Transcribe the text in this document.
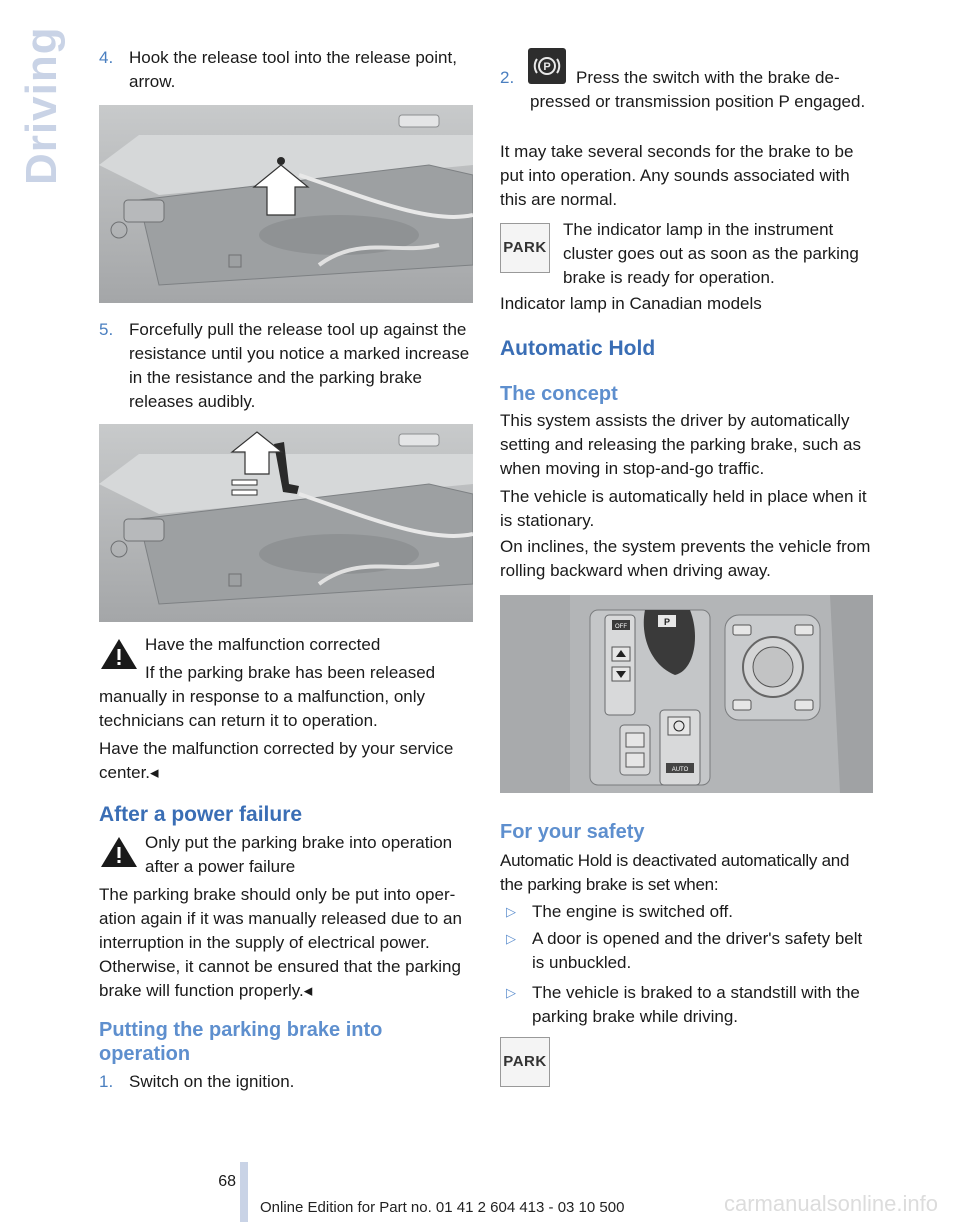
Driving 4. Hook the release tool into the release point, arrow.
5. Forcefully pull the release tool up against the resistance until you notice a marked increase in the resistance and the parking brake releases audibly.
Have the malfunction corrected
If the parking brake has been released manually in response to a malfunction, only technicians can return it to operation.
Have the malfunction corrected by your service center.◂
After a power failure
Only put the parking brake into operation after a power failure
The parking brake should only be put into operation again if it was manually released due to an interruption in the supply of electrical power. Otherwise, it cannot be ensured that the parking brake will function properly.◂
Putting the parking brake into operation
1. Switch on the ignition.
2.	Press the switch with the brake depressed or transmission position P engaged.
P
It may take several seconds for the brake to be put into operation. Any sounds associated with this are normal.
PARK
The indicator lamp in the instrument cluster goes out as soon as the parking brake is ready for operation.
Indicator lamp in Canadian models
Automatic Hold
The concept
This system assists the driver by automatically setting and releasing the parking brake, such as when moving in stop-and-go traffic.
The vehicle is automatically held in place when it is stationary.
On inclines, the system prevents the vehicle from rolling backward when driving away.
OFF	P
AUTO
For your safety
Automatic Hold is deactivated automatically and the parking brake is set when:
▷ The engine is switched off.
▷ A door is opened and the driver's safety belt is unbuckled.
▷ The vehicle is braked to a standstill with the parking brake while driving.
PARK
68
Online Edition for Part no. 01 41 2 604 413 - 03 10 500	carmanualsonline.info
